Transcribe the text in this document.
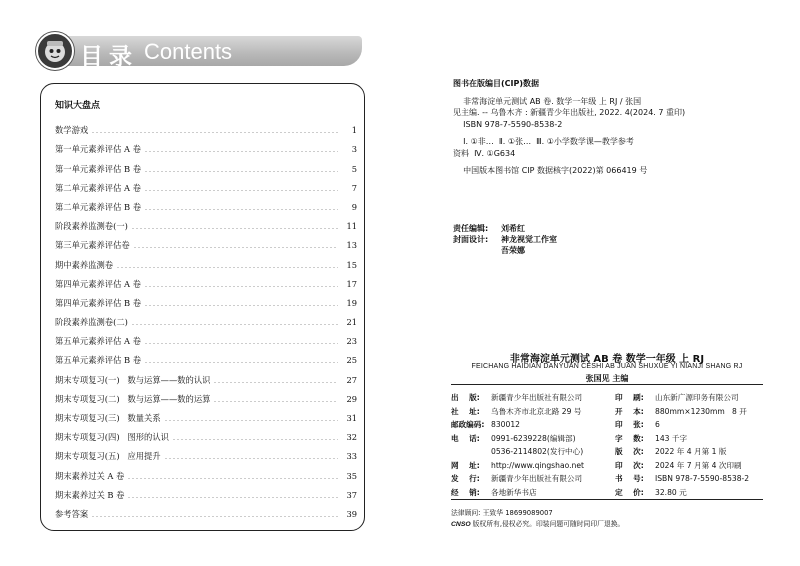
目录 Contents
知识大盘点
数学游戏	1
第一单元素养评估 A 卷	3
第一单元素养评估 B 卷	5
第二单元素养评估 A 卷	7
第二单元素养评估 B 卷	9
阶段素养监测卷(一)	11
第三单元素养评估卷	13
期中素养监测卷	15
第四单元素养评估 A 卷	17
第四单元素养评估 B 卷	19
阶段素养监测卷(二)	21
第五单元素养评估 A 卷	23
第五单元素养评估 B 卷	25
期末专项复习(一)   数与运算——数的认识	27
期末专项复习(二)   数与运算——数的运算	29
期末专项复习(三)   数量关系	31
期末专项复习(四)   图形的认识	32
期末专项复习(五)   应用提升	33
期末素养过关 A 卷	35
期末素养过关 B 卷	37
参考答案	39
图书在版编目(CIP)数据

非常海淀单元测试 AB 卷. 数学一年级 上 RJ / 张国

见主编. -- 乌鲁木齐 : 新疆青少年出版社, 2022. 4(2024. 7 重印)

ISBN 978-7-5590-8538-2

Ⅰ. ①非…  Ⅱ. ①张…  Ⅲ. ①小学数学课—教学参考

资料  Ⅳ. ①G634

中国版本图书馆 CIP 数据核字(2022)第 066419 号

责任编辑:	刘希红
封面设计:	神龙视觉工作室
吾荣娜
非常海淀单元测试 AB 卷 数学一年级 上 RJ
FEICHANG HAIDIAN DANYUAN CESHI AB JUAN SHUXUE YI NIANJI SHANG RJ
张国见 主编
出    版:	新疆青少年出版社有限公司
社    址:	乌鲁木齐市北京北路 29 号
邮政编码: 830012
电    话:	0991-6239228(编辑部)
0536-2114802(发行中心)
网    址:	http://www.qingshao.net
发    行:	新疆青少年出版社有限公司
经    销:	各地新华书店
印    刷:	山东新广源印务有限公司
开    本:	880mm×1230mm   8 开
印    张:	6
字    数:	143 千字
版    次:	2022 年 4 月第 1 版
印    次:	2024 年 7 月第 4 次印刷
书    号:	ISBN 978-7-5590-8538-2
定    价:	32.80 元
法律顾问: 王致华 18699089007
CNSO 版权所有,侵权必究。印装问题可随时同印厂退换。
